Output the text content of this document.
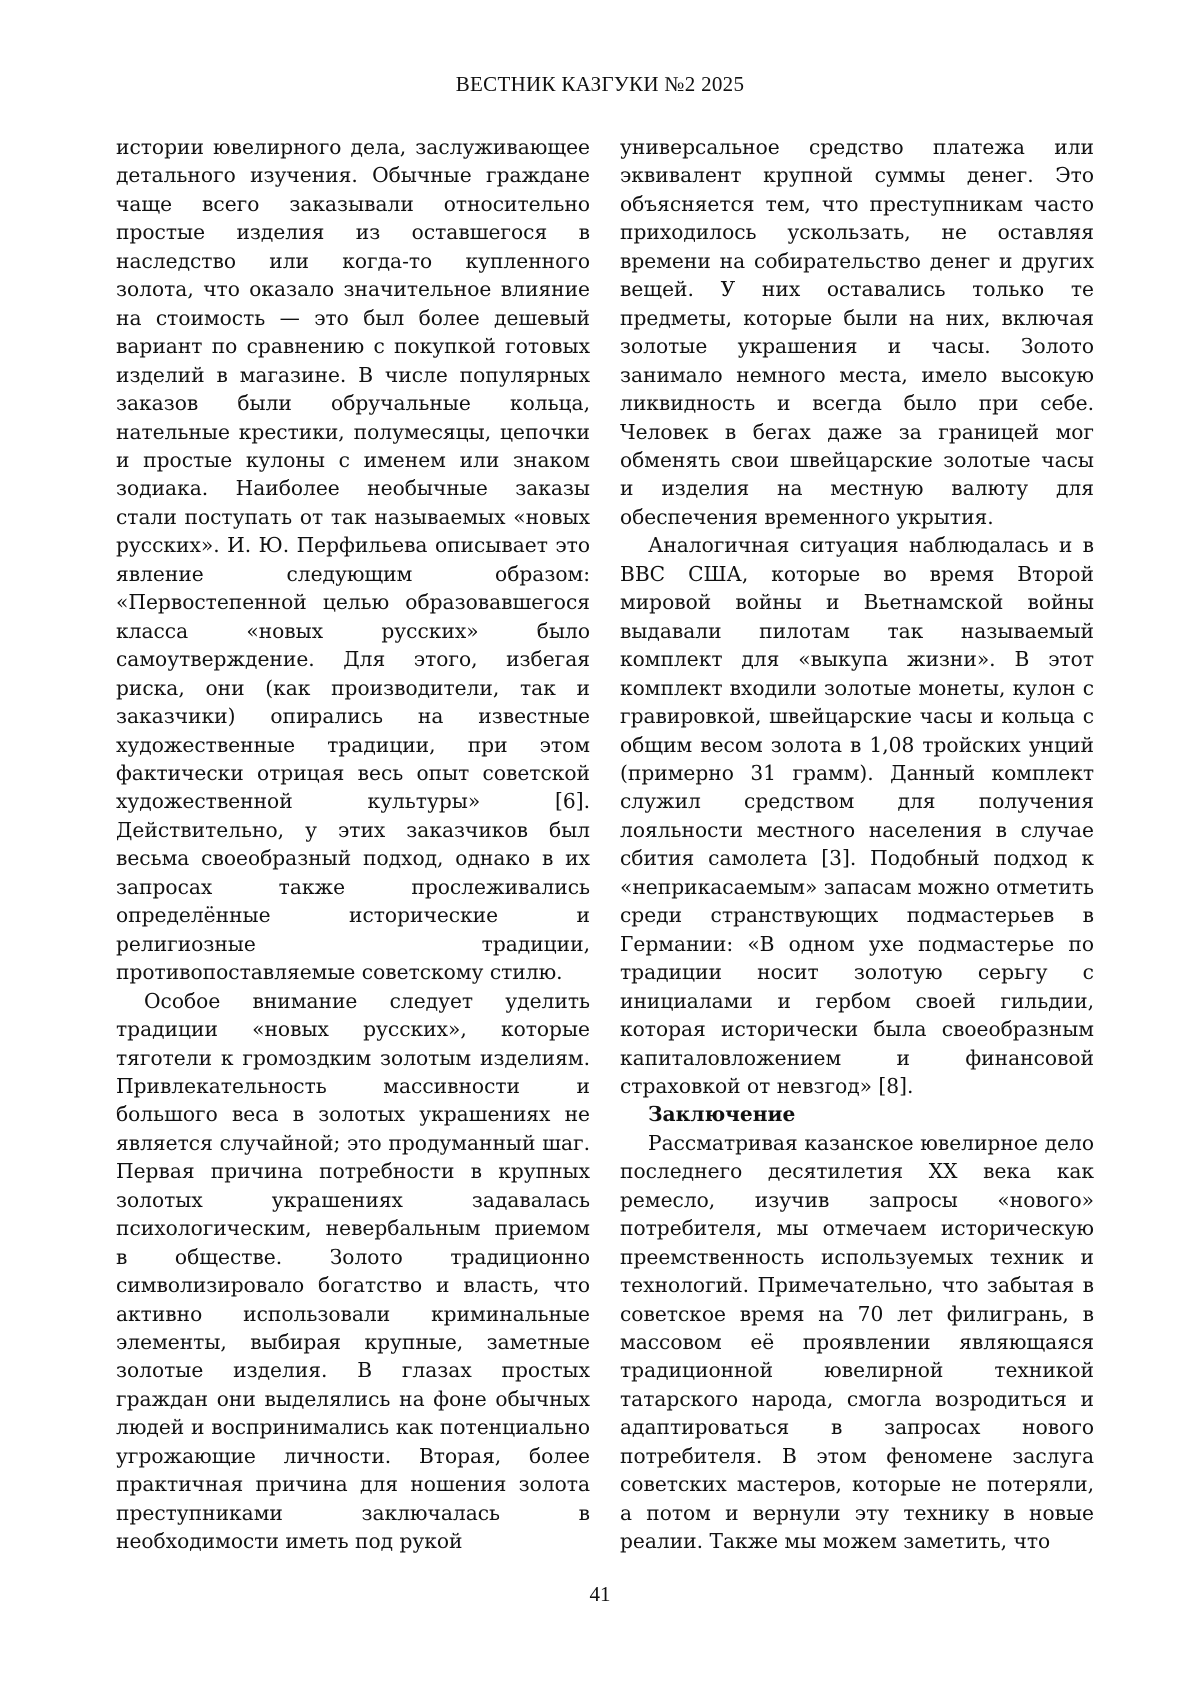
ВЕСТНИК КАЗГУКИ №2 2025

истории ювелирного дела, заслуживающее детального изучения. Обычные граждане чаще всего заказывали относительно простые изделия из оставшегося в наследство или когда-то купленного золота, что оказало значительное влияние на стоимость — это был более дешевый вариант по сравнению с покупкой готовых изделий в магазине. В числе популярных заказов были обручальные кольца, нательные крестики, полумесяцы, цепочки и простые кулоны с именем или знаком зодиака. Наиболее необычные заказы стали поступать от так называемых «новых русских». И. Ю. Перфильева описывает это явление следующим образом: «Первостепенной целью образовавшегося класса «новых русских» было самоутверждение. Для этого, избегая риска, они (как производители, так и заказчики) опирались на известные художественные традиции, при этом фактически отрицая весь опыт советской художественной культуры» [6]. Действительно, у этих заказчиков был весьма своеобразный подход, однако в их запросах также прослеживались определённые исторические и религиозные традиции, противопоставляемые советскому стилю.

Особое внимание следует уделить традиции «новых русских», которые тяготели к громоздким золотым изделиям. Привлекательность массивности и большого веса в золотых украшениях не является случайной; это продуманный шаг. Первая причина потребности в крупных золотых украшениях задавалась психологическим, невербальным приемом в обществе. Золото традиционно символизировало богатство и власть, что активно использовали криминальные элементы, выбирая крупные, заметные золотые изделия. В глазах простых граждан они выделялись на фоне обычных людей и воспринимались как потенциально угрожающие личности. Вторая, более практичная причина для ношения золота преступниками заключалась в необходимости иметь под рукой

универсальное средство платежа или эквивалент крупной суммы денег. Это объясняется тем, что преступникам часто приходилось ускользать, не оставляя времени на собирательство денег и других вещей. У них оставались только те предметы, которые были на них, включая золотые украшения и часы. Золото занимало немного места, имело высокую ликвидность и всегда было при себе. Человек в бегах даже за границей мог обменять свои швейцарские золотые часы и изделия на местную валюту для обеспечения временного укрытия.

Аналогичная ситуация наблюдалась и в ВВС США, которые во время Второй мировой войны и Вьетнамской войны выдавали пилотам так называемый комплект для «выкупа жизни». В этот комплект входили золотые монеты, кулон с гравировкой, швейцарские часы и кольца с общим весом золота в 1,08 тройских унций (примерно 31 грамм). Данный комплект служил средством для получения лояльности местного населения в случае сбития самолета [3]. Подобный подход к «неприкасаемым» запасам можно отметить среди странствующих подмастерьев в Германии: «В одном ухе подмастерье по традиции носит золотую серьгу с инициалами и гербом своей гильдии, которая исторически была своеобразным капиталовложением и финансовой страховкой от невзгод» [8].

Заключение

Рассматривая казанское ювелирное дело последнего десятилетия XX века как ремесло, изучив запросы «нового» потребителя, мы отмечаем историческую преемственность используемых техник и технологий. Примечательно, что забытая в советское время на 70 лет филигрань, в массовом её проявлении являющаяся традиционной ювелирной техникой татарского народа, смогла возродиться и адаптироваться в запросах нового потребителя. В этом феномене заслуга советских мастеров, которые не потеряли, а потом и вернули эту технику в новые реалии. Также мы можем заметить, что

41
